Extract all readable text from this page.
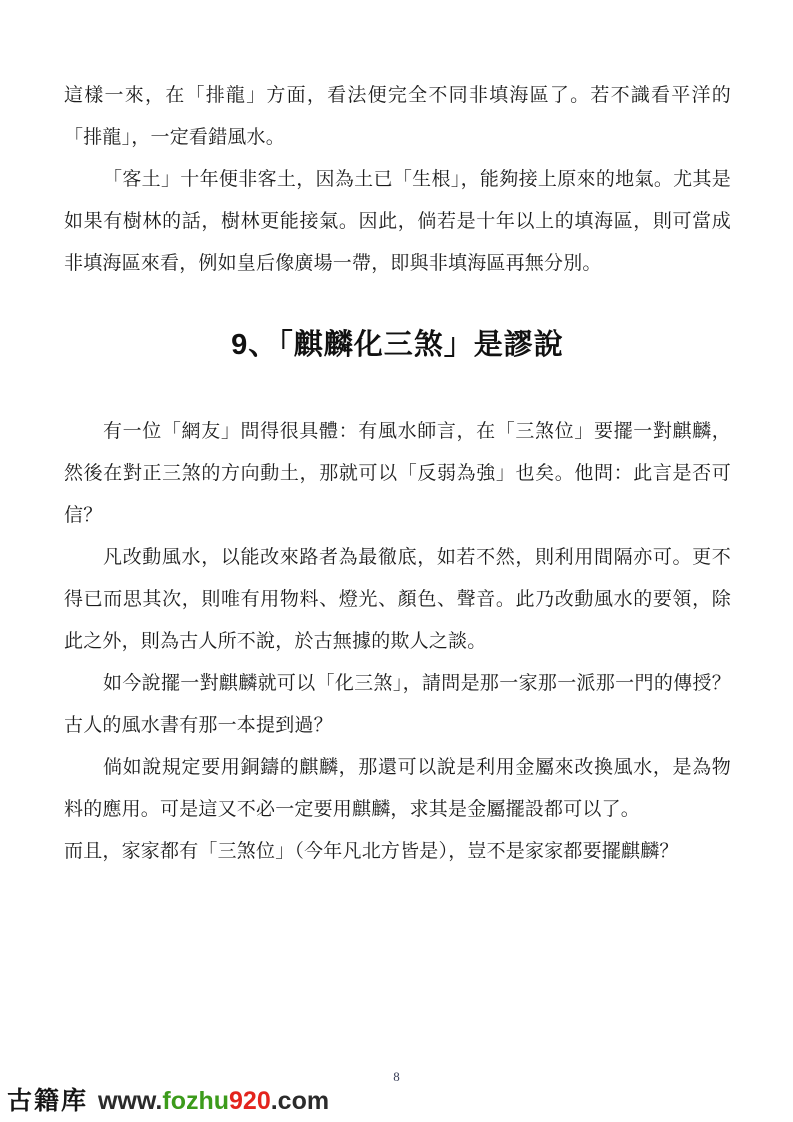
這樣一來，在「排龍」方面，看法便完全不同非填海區了。若不識看平洋的「排龍」，一定看錯風水。

「客土」十年便非客土，因為土已「生根」，能夠接上原來的地氣。尤其是如果有樹林的話，樹林更能接氣。因此，倘若是十年以上的填海區，則可當成非填海區來看，例如皇后像廣場一帶，即與非填海區再無分別。

9、「麒麟化三煞」是謬說

有一位「網友」問得很具體：有風水師言，在「三煞位」要擺一對麒麟，然後在對正三煞的方向動土，那就可以「反弱為強」也矣。他問：此言是否可信？

凡改動風水，以能改來路者為最徹底，如若不然，則利用間隔亦可。更不得已而思其次，則唯有用物料、燈光、顏色、聲音。此乃改動風水的要領，除此之外，則為古人所不說，於古無據的欺人之談。

如今說擺一對麒麟就可以「化三煞」，請問是那一家那一派那一門的傳授？古人的風水書有那一本提到過？

倘如說規定要用銅鑄的麒麟，那還可以說是利用金屬來改換風水，是為物料的應用。可是這又不必一定要用麒麟，求其是金屬擺設都可以了。

而且，家家都有「三煞位」（今年凡北方皆是），豈不是家家都要擺麒麟？

8
古籍库 www.fozhu920.com
